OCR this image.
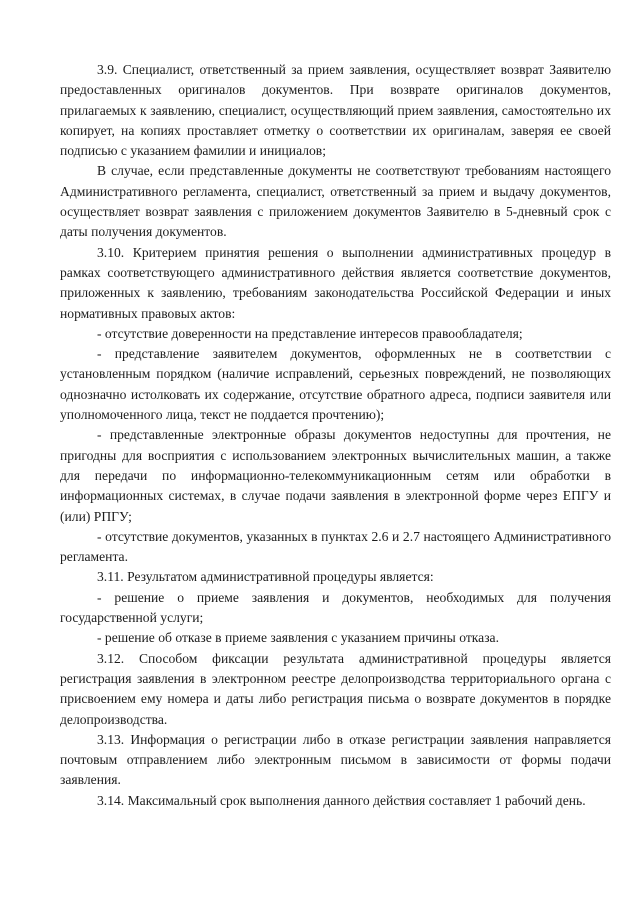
3.9. Специалист, ответственный за прием заявления, осуществляет возврат Заявителю предоставленных оригиналов документов. При возврате оригиналов документов, прилагаемых к заявлению, специалист, осуществляющий прием заявления, самостоятельно их копирует, на копиях проставляет отметку о соответствии их оригиналам, заверяя ее своей подписью с указанием фамилии и инициалов;

В случае, если представленные документы не соответствуют требованиям настоящего Административного регламента, специалист, ответственный за прием и выдачу документов, осуществляет возврат заявления с приложением документов Заявителю в 5-дневный срок с даты получения документов.

3.10. Критерием принятия решения о выполнении административных процедур в рамках соответствующего административного действия является соответствие документов, приложенных к заявлению, требованиям законодательства Российской Федерации и иных нормативных правовых актов:

- отсутствие доверенности на представление интересов правообладателя;

- представление заявителем документов, оформленных не в соответствии с установленным порядком (наличие исправлений, серьезных повреждений, не позволяющих однозначно истолковать их содержание, отсутствие обратного адреса, подписи заявителя или уполномоченного лица, текст не поддается прочтению);

- представленные электронные образы документов недоступны для прочтения, не пригодны для восприятия с использованием электронных вычислительных машин, а также для передачи по информационно-телекоммуникационным сетям или обработки в информационных системах, в случае подачи заявления в электронной форме через ЕПГУ и (или) РПГУ;

- отсутствие документов, указанных в пунктах 2.6 и 2.7 настоящего Административного регламента.

3.11. Результатом административной процедуры является:

- решение о приеме заявления и документов, необходимых для получения государственной услуги;

- решение об отказе в приеме заявления с указанием причины отказа.

3.12. Способом фиксации результата административной процедуры является регистрация заявления в электронном реестре делопроизводства территориального органа с присвоением ему номера и даты либо регистрация письма о возврате документов в порядке делопроизводства.

3.13. Информация о регистрации либо в отказе регистрации заявления направляется почтовым отправлением либо электронным письмом в зависимости от формы подачи заявления.

3.14. Максимальный срок выполнения данного действия составляет 1 рабочий день.
